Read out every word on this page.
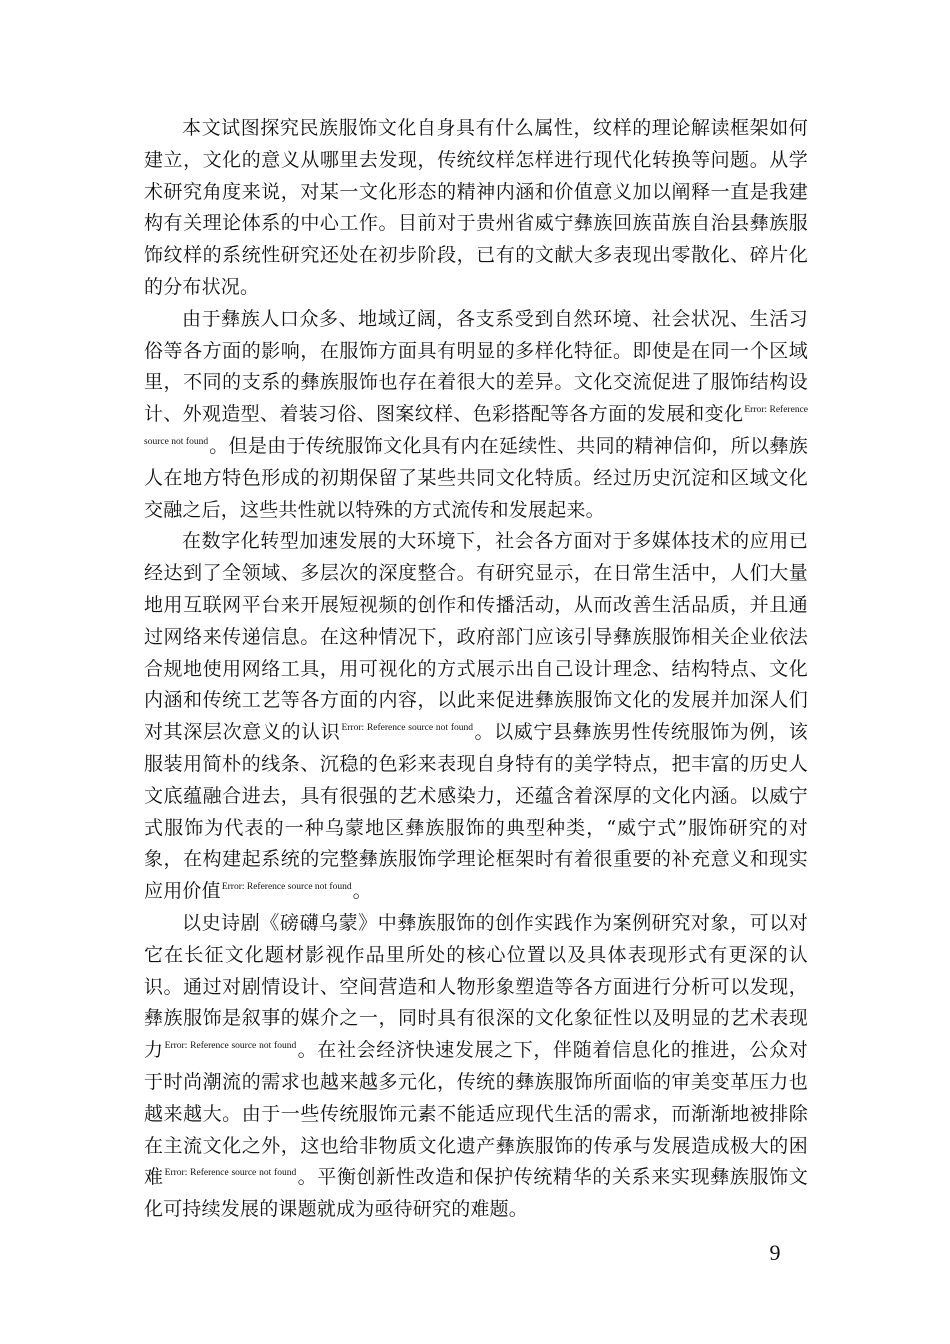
本文试图探究民族服饰文化自身具有什么属性，纹样的理论解读框架如何建立，文化的意义从哪里去发现，传统纹样怎样进行现代化转换等问题。从学术研究角度来说，对某一文化形态的精神内涵和价值意义加以阐释一直是我建构有关理论体系的中心工作。目前对于贵州省威宁彝族回族苗族自治县彝族服饰纹样的系统性研究还处在初步阶段，已有的文献大多表现出零散化、碎片化的分布状况。

由于彝族人口众多、地域辽阔，各支系受到自然环境、社会状况、生活习俗等各方面的影响，在服饰方面具有明显的多样化特征。即使是在同一个区域里，不同的支系的彝族服饰也存在着很大的差异。文化交流促进了服饰结构设计、外观造型、着装习俗、图案纹样、色彩搭配等各方面的发展和变化$^{Error: Reference source not found}$。但是由于传统服饰文化具有内在延续性、共同的精神信仰，所以彝族人在地方特色形成的初期保留了某些共同文化特质。经过历史沉淀和区域文化交融之后，这些共性就以特殊的方式流传和发展起来。

在数字化转型加速发展的大环境下，社会各方面对于多媒体技术的应用已经达到了全领域、多层次的深度整合。有研究显示，在日常生活中，人们大量地用互联网平台来开展短视频的创作和传播活动，从而改善生活品质，并且通过网络来传递信息。在这种情况下，政府部门应该引导彝族服饰相关企业依法合规地使用网络工具，用可视化的方式展示出自己设计理念、结构特点、文化内涵和传统工艺等各方面的内容，以此来促进彝族服饰文化的发展并加深人们对其深层次意义的认识$^{Error: Reference source not found}$。以威宁县彝族男性传统服饰为例，该服装用简朴的线条、沉稳的色彩来表现自身特有的美学特点，把丰富的历史人文底蕴融合进去，具有很强的艺术感染力，还蕴含着深厚的文化内涵。以威宁式服饰为代表的一种乌蒙地区彝族服饰的典型种类，“威宁式”服饰研究的对象，在构建起系统的完整彝族服饰学理论框架时有着很重要的补充意义和现实应用价值$^{Error: Reference source not found}$。

以史诗剧《磅礴乌蒙》中彝族服饰的创作实践作为案例研究对象，可以对它在长征文化题材影视作品里所处的核心位置以及具体表现形式有更深的认识。通过对剧情设计、空间营造和人物形象塑造等各方面进行分析可以发现，彝族服饰是叙事的媒介之一，同时具有很深的文化象征性以及明显的艺术表现力$^{Error: Reference source not found}$。在社会经济快速发展之下，伴随着信息化的推进，公众对于时尚潮流的需求也越来越多元化，传统的彝族服饰所面临的审美变革压力也越来越大。由于一些传统服饰元素不能适应现代生活的需求，而渐渐地被排除在主流文化之外，这也给非物质文化遗产彝族服饰的传承与发展造成极大的困难$^{Error: Reference source not found}$。平衡创新性改造和保护传统精华的关系来实现彝族服饰文化可持续发展的课题就成为亟待研究的难题。

9
